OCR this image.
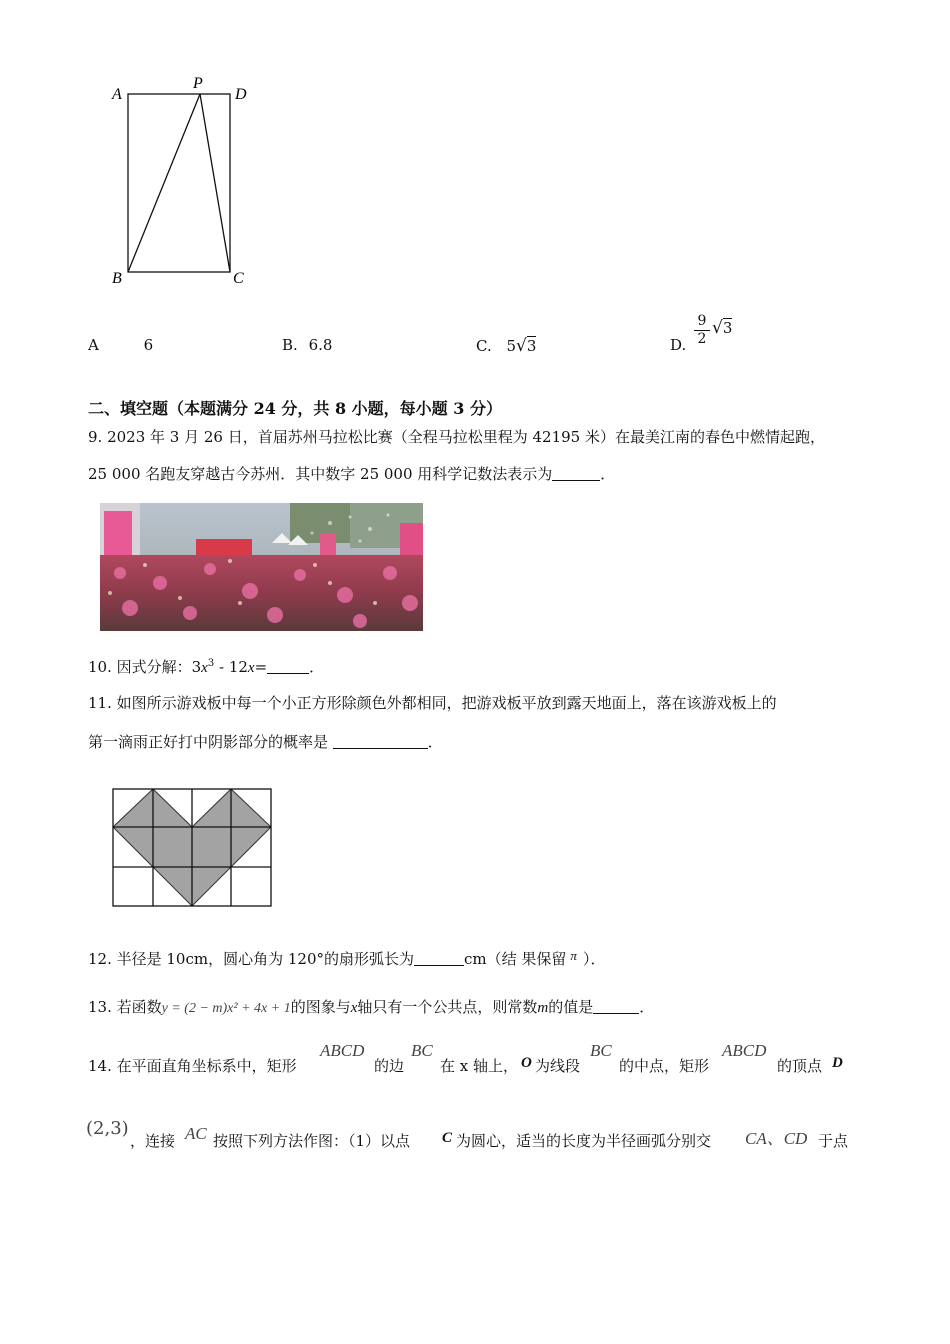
A
P
D
B	C
A	6	B. 6.8	C. 5√3	D.
9
2
√3
二、填空题（本题满分 24 分，共 8 小题，每小题 3 分）
9. 2023 年 3 月 26 日，首届苏州马拉松比赛（全程马拉松里程为 42195 米）在最美江南的春色中燃情起跑，
25 000 名跑友穿越古今苏州．其中数字 25 000 用科学记数法表示为	．
10. 因式分解：$3x^3 - 12x=$	．
11. 如图所示游戏板中每一个小正方形除颜色外都相同，把游戏板平放到露天地面上，落在该游戏板上的
第一滴雨正好打中阴影部分的概率是	．
12. 半径是 10cm，圆心角为 120°的扇形弧长为	cm（结 果保留 π ）．
13. 若函数y = (2 − m)x² + 4x + 1的图象与x轴只有一个公共点，则常数m的值是	．
14. 在平面直角坐标系中，矩形
ABCD
的边
BC
在 x 轴上， O 为线段
BC
的中点，矩形
ABCD
的顶点 D
(2,3)
，连接 AC 按照下列方法作图：（1）以点 C 为圆心，适当的长度为半径画弧分别交 CA、CD 于点
